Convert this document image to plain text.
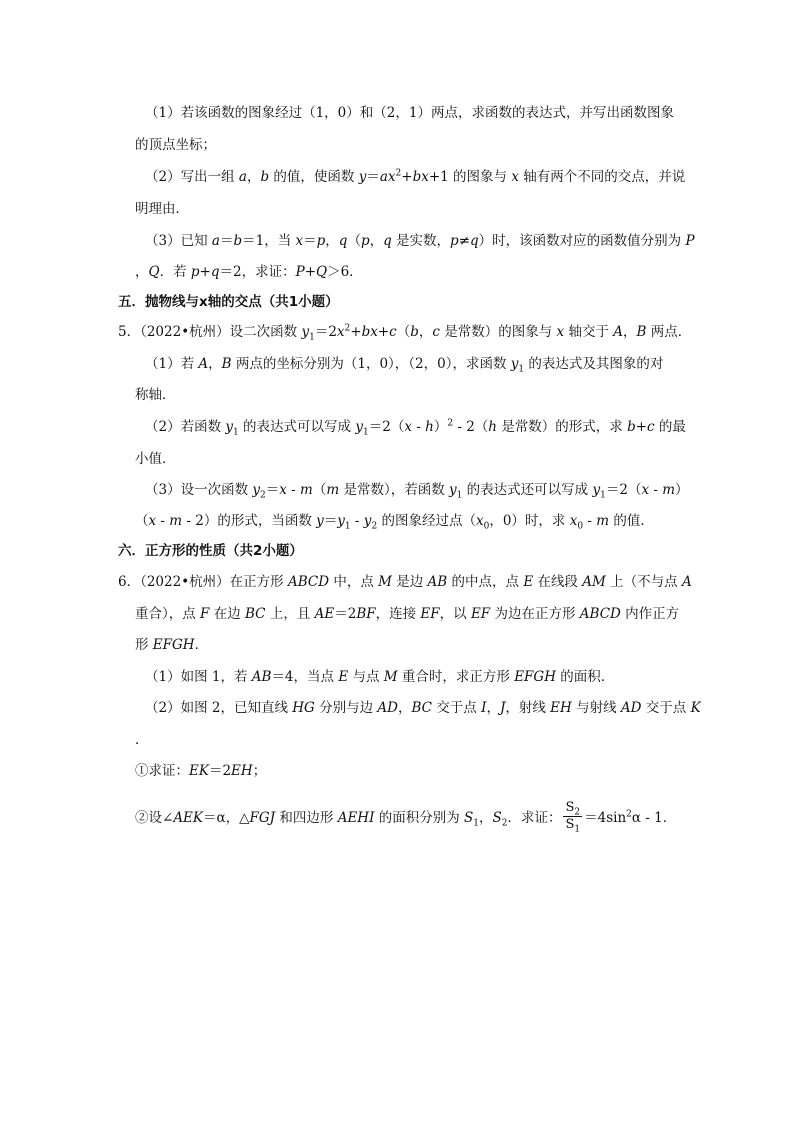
（1）若该函数的图象经过（1，0）和（2，1）两点，求函数的表达式，并写出函数图象
的顶点坐标；
（2）写出一组 a，b 的值，使函数 $y=ax^2+bx+1$ 的图象与 x 轴有两个不同的交点，并说
明理由．
（3）已知 a＝b＝1，当 x＝p，q（p，q 是实数，p≠q）时，该函数对应的函数值分别为 P
，Q．若 p+q＝2，求证：P+Q＞6．
五．抛物线与x轴的交点（共1小题）
5．（2022•杭州）设二次函数 $y_1=2x^2+bx+c(b$，c 是常数）的图象与 x 轴交于 A，B 两点．
（1）若 A，B 两点的坐标分别为（1，0），（2，0），求函数 $y_1$ 的表达式及其图象的对
称轴．
（2）若函数 $y_1$ 的表达式可以写成 $y_1=2(x - h)^2 - 2(h$ 是常数）的形式，求 b+c 的最
小值．
（3）设一次函数 $y_2=x - m(m$ 是常数），若函数 $y_1$ 的表达式还可以写成 $y_1=2(x - m)$
（x - m - 2）的形式，当函数 $y=y_1 - y_2$ 的图象经过点（$x_0$，0）时，求 $x_0$ - m 的值．
六．正方形的性质（共2小题）
6．（2022•杭州）在正方形 ABCD 中，点 M 是边 AB 的中点，点 E 在线段 AM 上（不与点 A
重合），点 F 在边 BC 上，且 AE＝2BF，连接 EF，以 EF 为边在正方形 ABCD 内作正方
形 EFGH．
（1）如图 1，若 AB＝4，当点 E 与点 M 重合时，求正方形 EFGH 的面积．
（2）如图 2，已知直线 HG 分别与边 AD，BC 交于点 I，J，射线 EH 与射线 AD 交于点 K
．
①求证：EK＝2EH；
②设∠AEK＝α，△FGJ 和四边形 AEHI 的面积分别为 $S_1$，$S_2$．求证： $\frac{S_2}{S_1} =4\sin^2\alpha - 1$．
